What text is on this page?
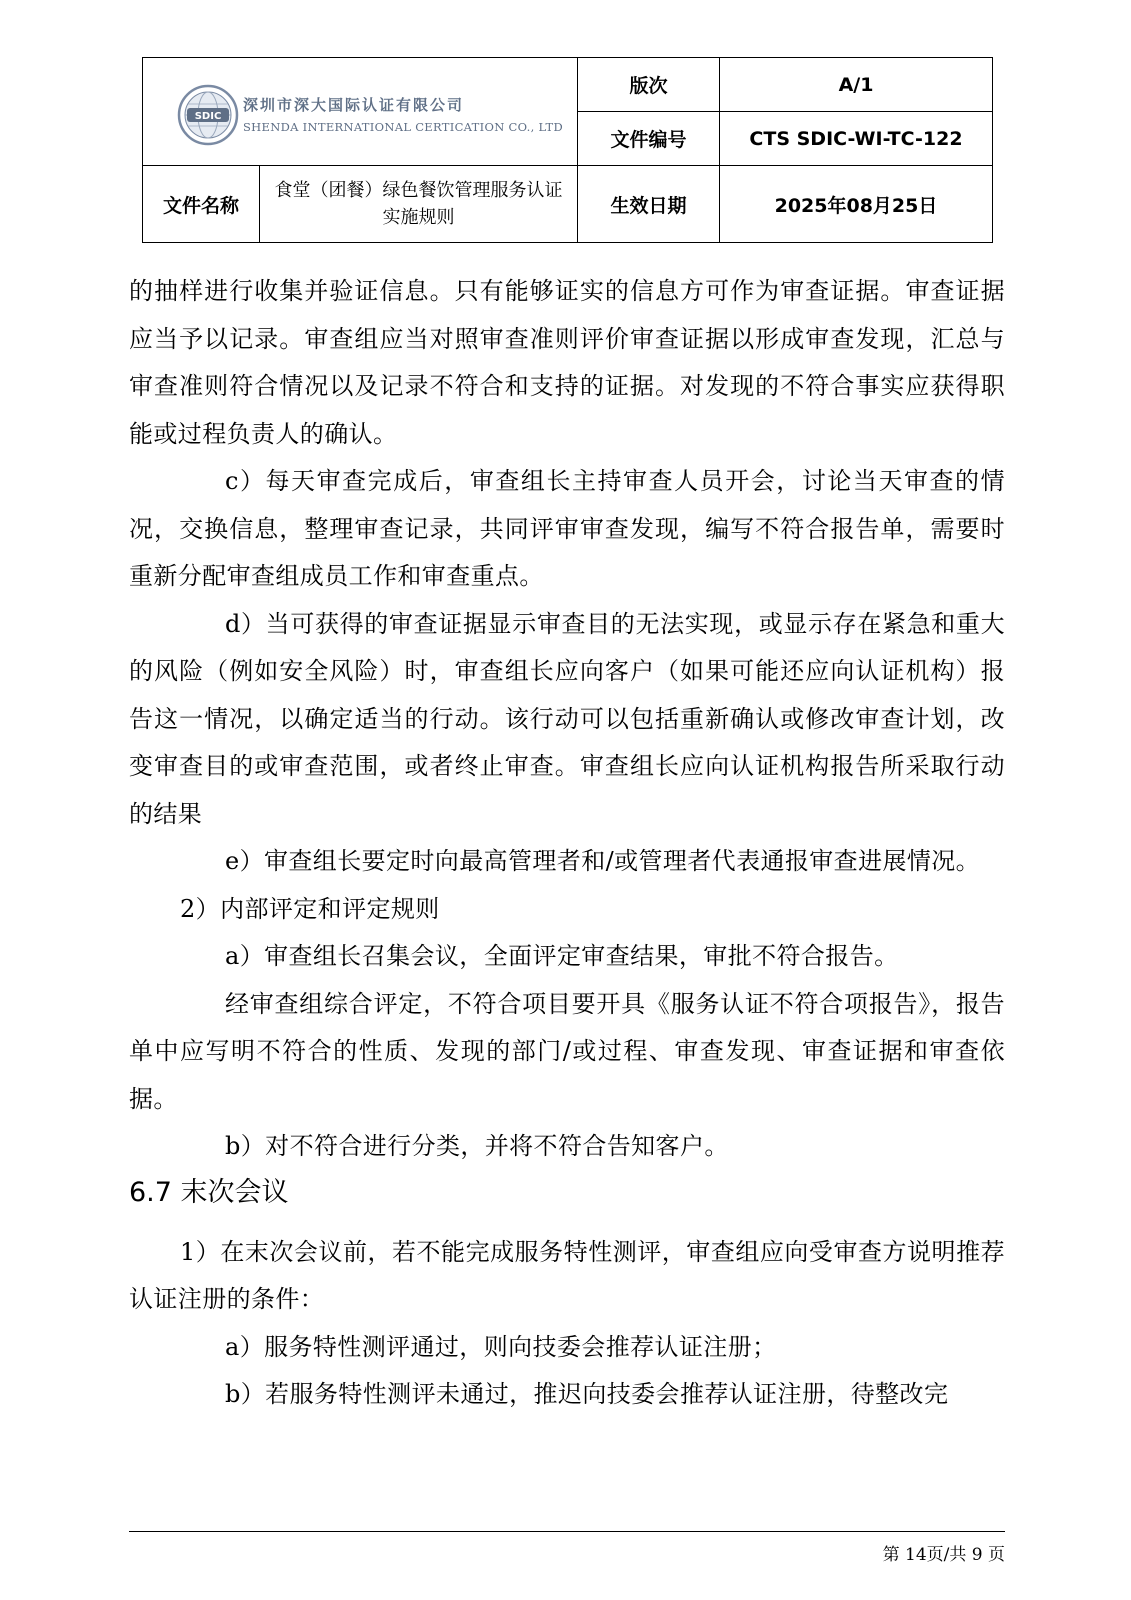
SDIC
深圳市深大国际认证有限公司
SHENDA INTERNATIONAL CERTICATION CO., LTD		版次	A/1
		文件编号	CTS SDIC-WI-TC-122
文件名称	食堂（团餐）绿色餐饮管理服务认证实施规则	生效日期	2025年08月25日

的抽样进行收集并验证信息。只有能够证实的信息方可作为审查证据。审查证据应当予以记录。审查组应当对照审查准则评价审查证据以形成审查发现，汇总与审查准则符合情况以及记录不符合和支持的证据。对发现的不符合事实应获得职能或过程负责人的确认。

c）每天审查完成后，审查组长主持审查人员开会，讨论当天审查的情况，交换信息，整理审查记录，共同评审审查发现，编写不符合报告单，需要时重新分配审查组成员工作和审查重点。

d）当可获得的审查证据显示审查目的无法实现，或显示存在紧急和重大的风险（例如安全风险）时，审查组长应向客户（如果可能还应向认证机构）报告这一情况，以确定适当的行动。该行动可以包括重新确认或修改审查计划，改变审查目的或审查范围，或者终止审查。审查组长应向认证机构报告所采取行动的结果

e）审查组长要定时向最高管理者和/或管理者代表通报审查进展情况。

2）内部评定和评定规则

a）审查组长召集会议，全面评定审查结果，审批不符合报告。

经审查组综合评定，不符合项目要开具《服务认证不符合项报告》，报告单中应写明不符合的性质、发现的部门/或过程、审查发现、审查证据和审查依据。

b）对不符合进行分类，并将不符合告知客户。

6.7 末次会议

1）在末次会议前，若不能完成服务特性测评，审查组应向受审查方说明推荐认证注册的条件：

a）服务特性测评通过，则向技委会推荐认证注册；

b）若服务特性测评未通过，推迟向技委会推荐认证注册，待整改完

第 14页/共 9 页
